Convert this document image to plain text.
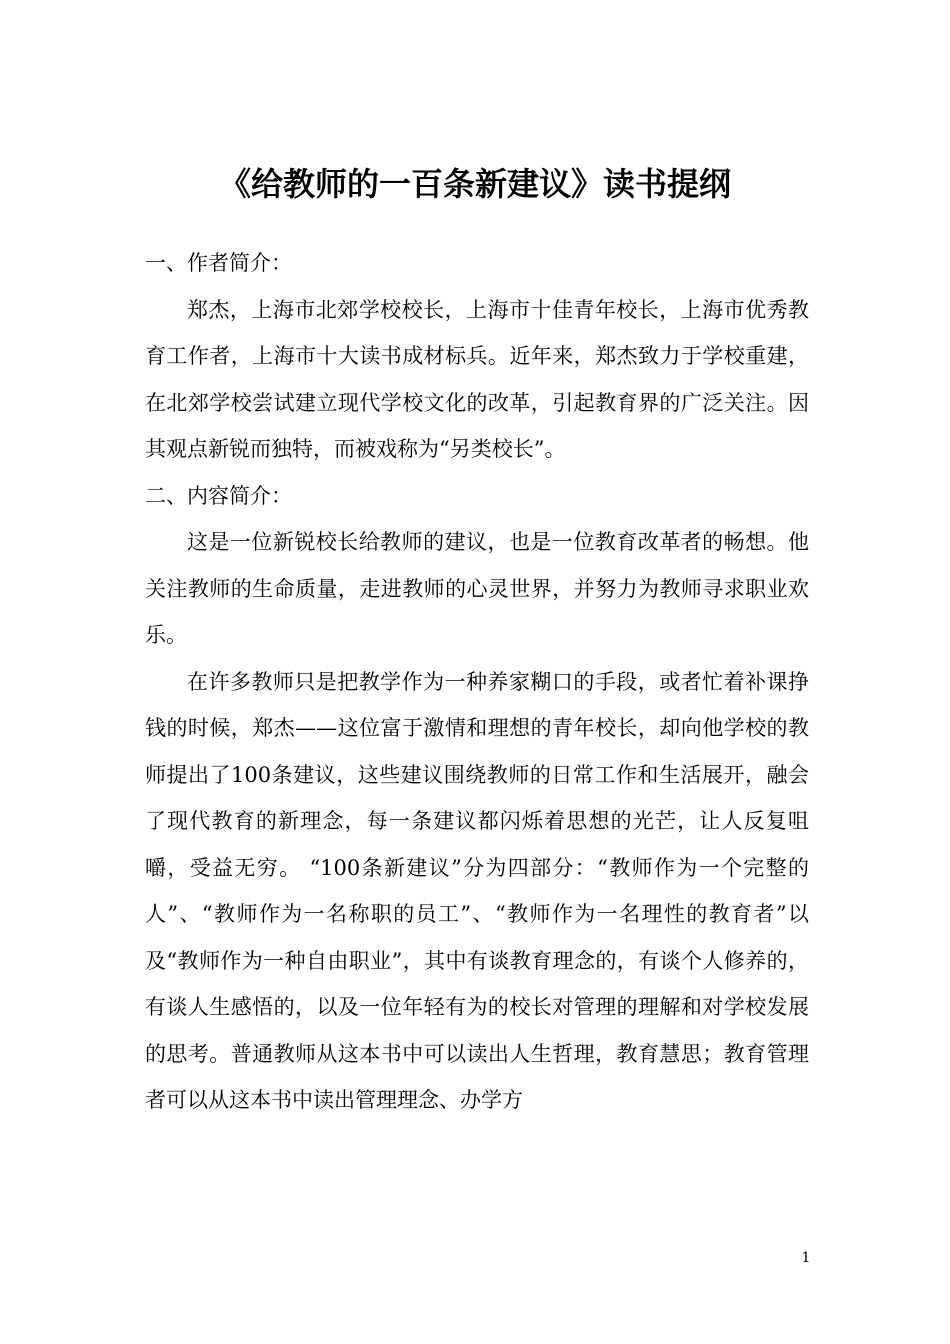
《给教师的一百条新建议》读书提纲

一、作者简介：

郑杰，上海市北郊学校校长，上海市十佳青年校长，上海市优秀教育工作者，上海市十大读书成材标兵。近年来，郑杰致力于学校重建，在北郊学校尝试建立现代学校文化的改革，引起教育界的广泛关注。因其观点新锐而独特，而被戏称为“另类校长”。

二、内容简介：

这是一位新锐校长给教师的建议，也是一位教育改革者的畅想。他关注教师的生命质量，走进教师的心灵世界，并努力为教师寻求职业欢乐。

在许多教师只是把教学作为一种养家糊口的手段，或者忙着补课挣钱的时候，郑杰——这位富于激情和理想的青年校长，却向他学校的教师提出了100条建议，这些建议围绕教师的日常工作和生活展开，融会了现代教育的新理念，每一条建议都闪烁着思想的光芒，让人反复咀嚼，受益无穷。 “100条新建议”分为四部分：“教师作为一个完整的人”、“教师作为一名称职的员工”、“教师作为一名理性的教育者”以及“教师作为一种自由职业”，其中有谈教育理念的，有谈个人修养的，有谈人生感悟的，以及一位年轻有为的校长对管理的理解和对学校发展的思考。普通教师从这本书中可以读出人生哲理，教育慧思；教育管理者可以从这本书中读出管理理念、办学方

1
